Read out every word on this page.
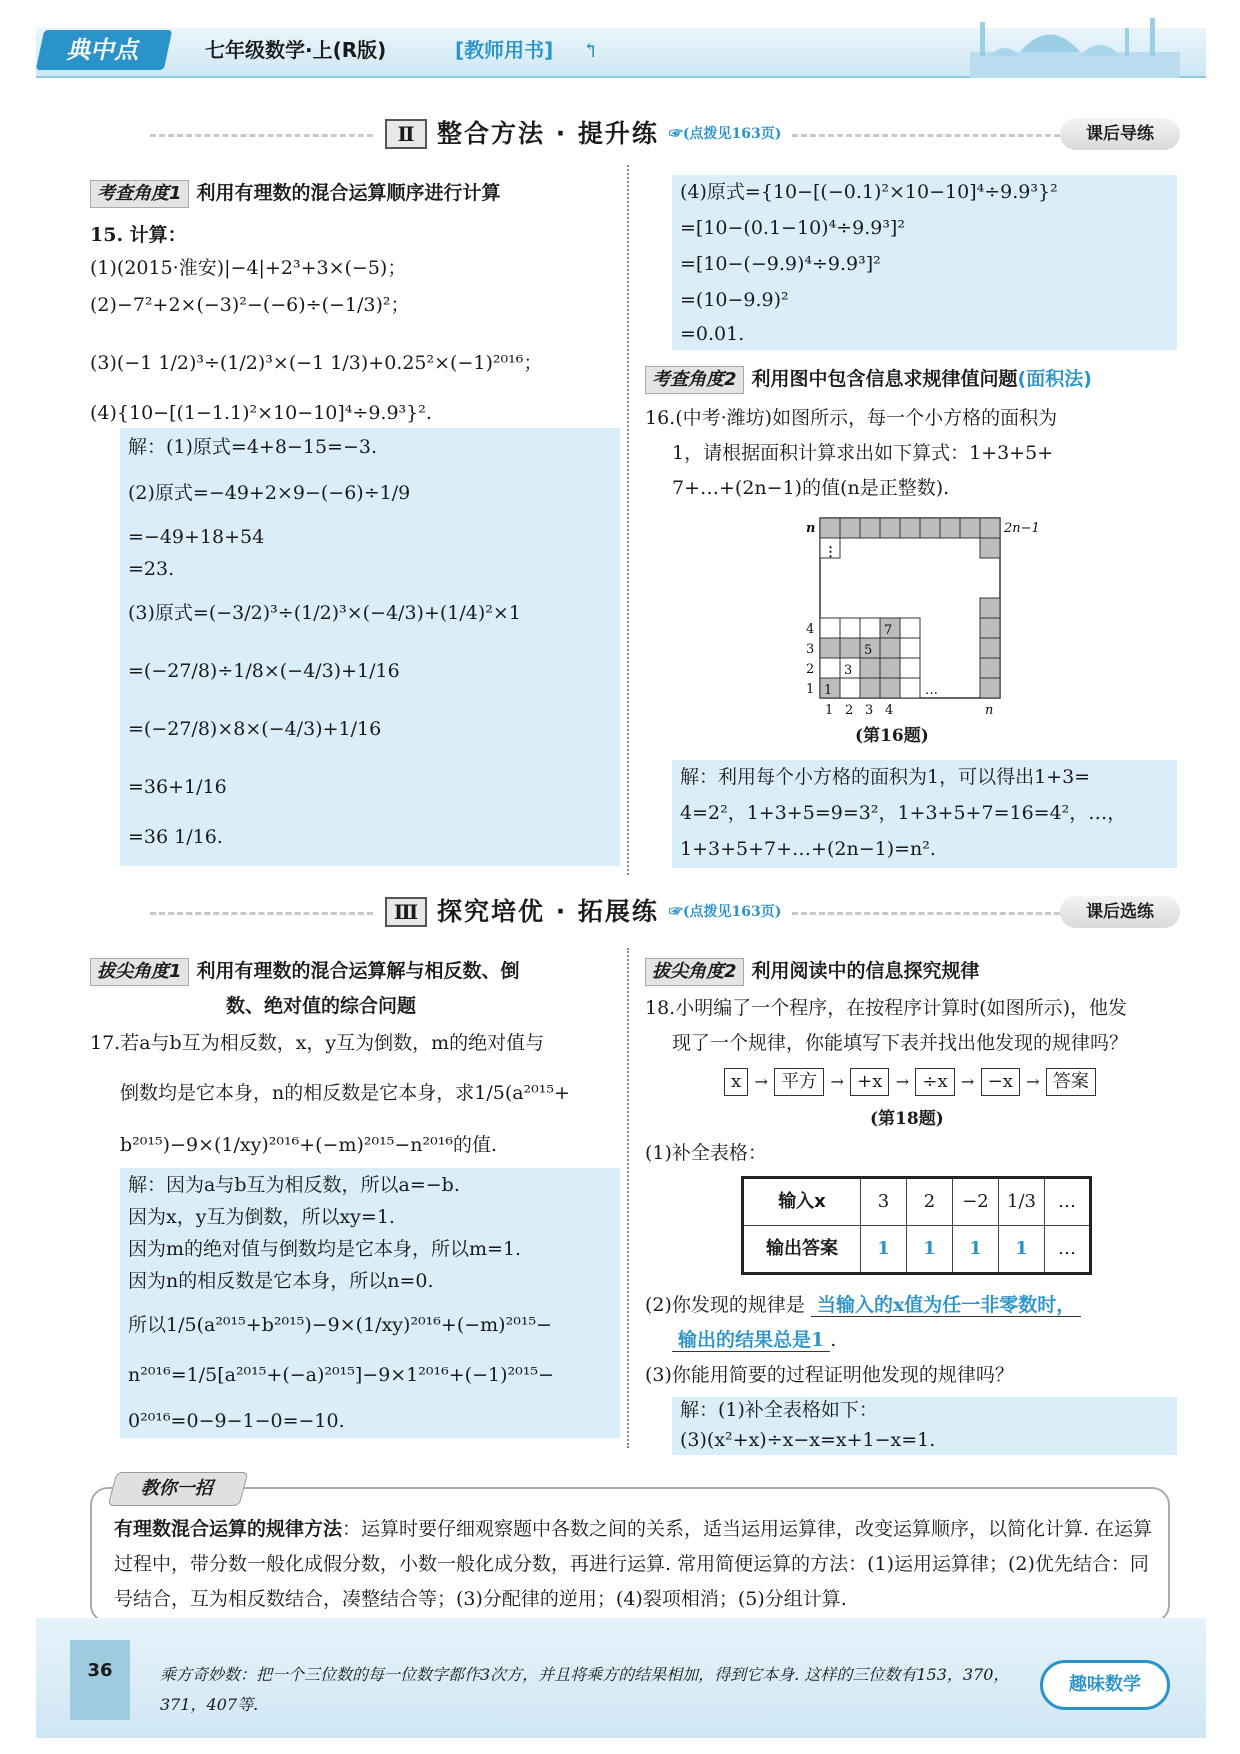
典中点	七年级数学·上(R版)	[教师用书] ↰
Ⅱ 整合方法 · 提升练 ☞(点拨见163页)	课后导练
考查角度1 利用有理数的混合运算顺序进行计算
15. 计算：
(1)(2015·淮安)|−4|+2³+3×(−5)；
(2)−7²+2×(−3)²−(−6)÷(−1/3)²；
(3)(−1 1/2)³÷(1/2)³×(−1 1/3)+0.25²×(−1)²⁰¹⁶；
(4){10−[(1−1.1)²×10−10]⁴÷9.9³}².
解：(1)原式=4+8−15=−3.
(2)原式=−49+2×9−(−6)÷1/9
=−49+18+54
=23.
(3)原式=(−3/2)³÷(1/2)³×(−4/3)+(1/4)²×1
=(−27/8)÷1/8×(−4/3)+1/16
=(−27/8)×8×(−4/3)+1/16
=36+1/16
=36 1/16.
(4)原式={10−[(−0.1)²×10−10]⁴÷9.9³}²
=[10−(0.1−10)⁴÷9.9³]²
=[10−(−9.9)⁴÷9.9³]²
=(10−9.9)²
=0.01.
考查角度2 利用图中包含信息求规律值问题(面积法)
16.(中考·潍坊)如图所示，每一个小方格的面积为
1，请根据面积计算求出如下算式：1+3+5+
7+…+(2n−1)的值(n是正整数).
n	2n−1
⋮
4
3
2
1
1 2 3 4	n
1
3
5
7
…
(第16题)
解：利用每个小方格的面积为1，可以得出1+3=
4=2²，1+3+5=9=3²，1+3+5+7=16=4²，…，
1+3+5+7+…+(2n−1)=n².
Ⅲ 探究培优 · 拓展练 ☞(点拨见163页)	课后选练
拔尖角度1 利用有理数的混合运算解与相反数、倒
数、绝对值的综合问题
17.若a与b互为相反数，x，y互为倒数，m的绝对值与
倒数均是它本身，n的相反数是它本身，求1/5(a²⁰¹⁵+
b²⁰¹⁵)−9×(1/xy)²⁰¹⁶+(−m)²⁰¹⁵−n²⁰¹⁶的值.
解：因为a与b互为相反数，所以a=−b.
因为x，y互为倒数，所以xy=1.
因为m的绝对值与倒数均是它本身，所以m=1.
因为n的相反数是它本身，所以n=0.
所以1/5(a²⁰¹⁵+b²⁰¹⁵)−9×(1/xy)²⁰¹⁶+(−m)²⁰¹⁵−
n²⁰¹⁶=1/5[a²⁰¹⁵+(−a)²⁰¹⁵]−9×1²⁰¹⁶+(−1)²⁰¹⁵−
0²⁰¹⁶=0−9−1−0=−10.
拔尖角度2 利用阅读中的信息探究规律
18.小明编了一个程序，在按程序计算时(如图所示)，他发
现了一个规律，你能填写下表并找出他发现的规律吗？
x → 平方 → +x → ÷x → −x → 答案
(第18题)
(1)补全表格：
输入x	3	2	−2	1/3	…
输出答案	1	1	1	1	…
(2)你发现的规律是 当输入的x值为任一非零数时，
输出的结果总是1 .
(3)你能用简要的过程证明他发现的规律吗？
解：(1)补全表格如下：
(3)(x²+x)÷x−x=x+1−x=1.
教你一招
有理数混合运算的规律方法：运算时要仔细观察题中各数之间的关系，适当运用运算律，改变运算顺序，以简化计算. 在运算过程中，带分数一般化成假分数，小数一般化成分数，再进行运算. 常用简便运算的方法：(1)运用运算律；(2)优先结合：同号结合，互为相反数结合，凑整结合等；(3)分配律的逆用；(4)裂项相消；(5)分组计算.
36	乘方奇妙数：把一个三位数的每一位数字都作3次方，并且将乘方的结果相加，得到它本身. 这样的三位数有153，370，371，407等.
趣味数学
